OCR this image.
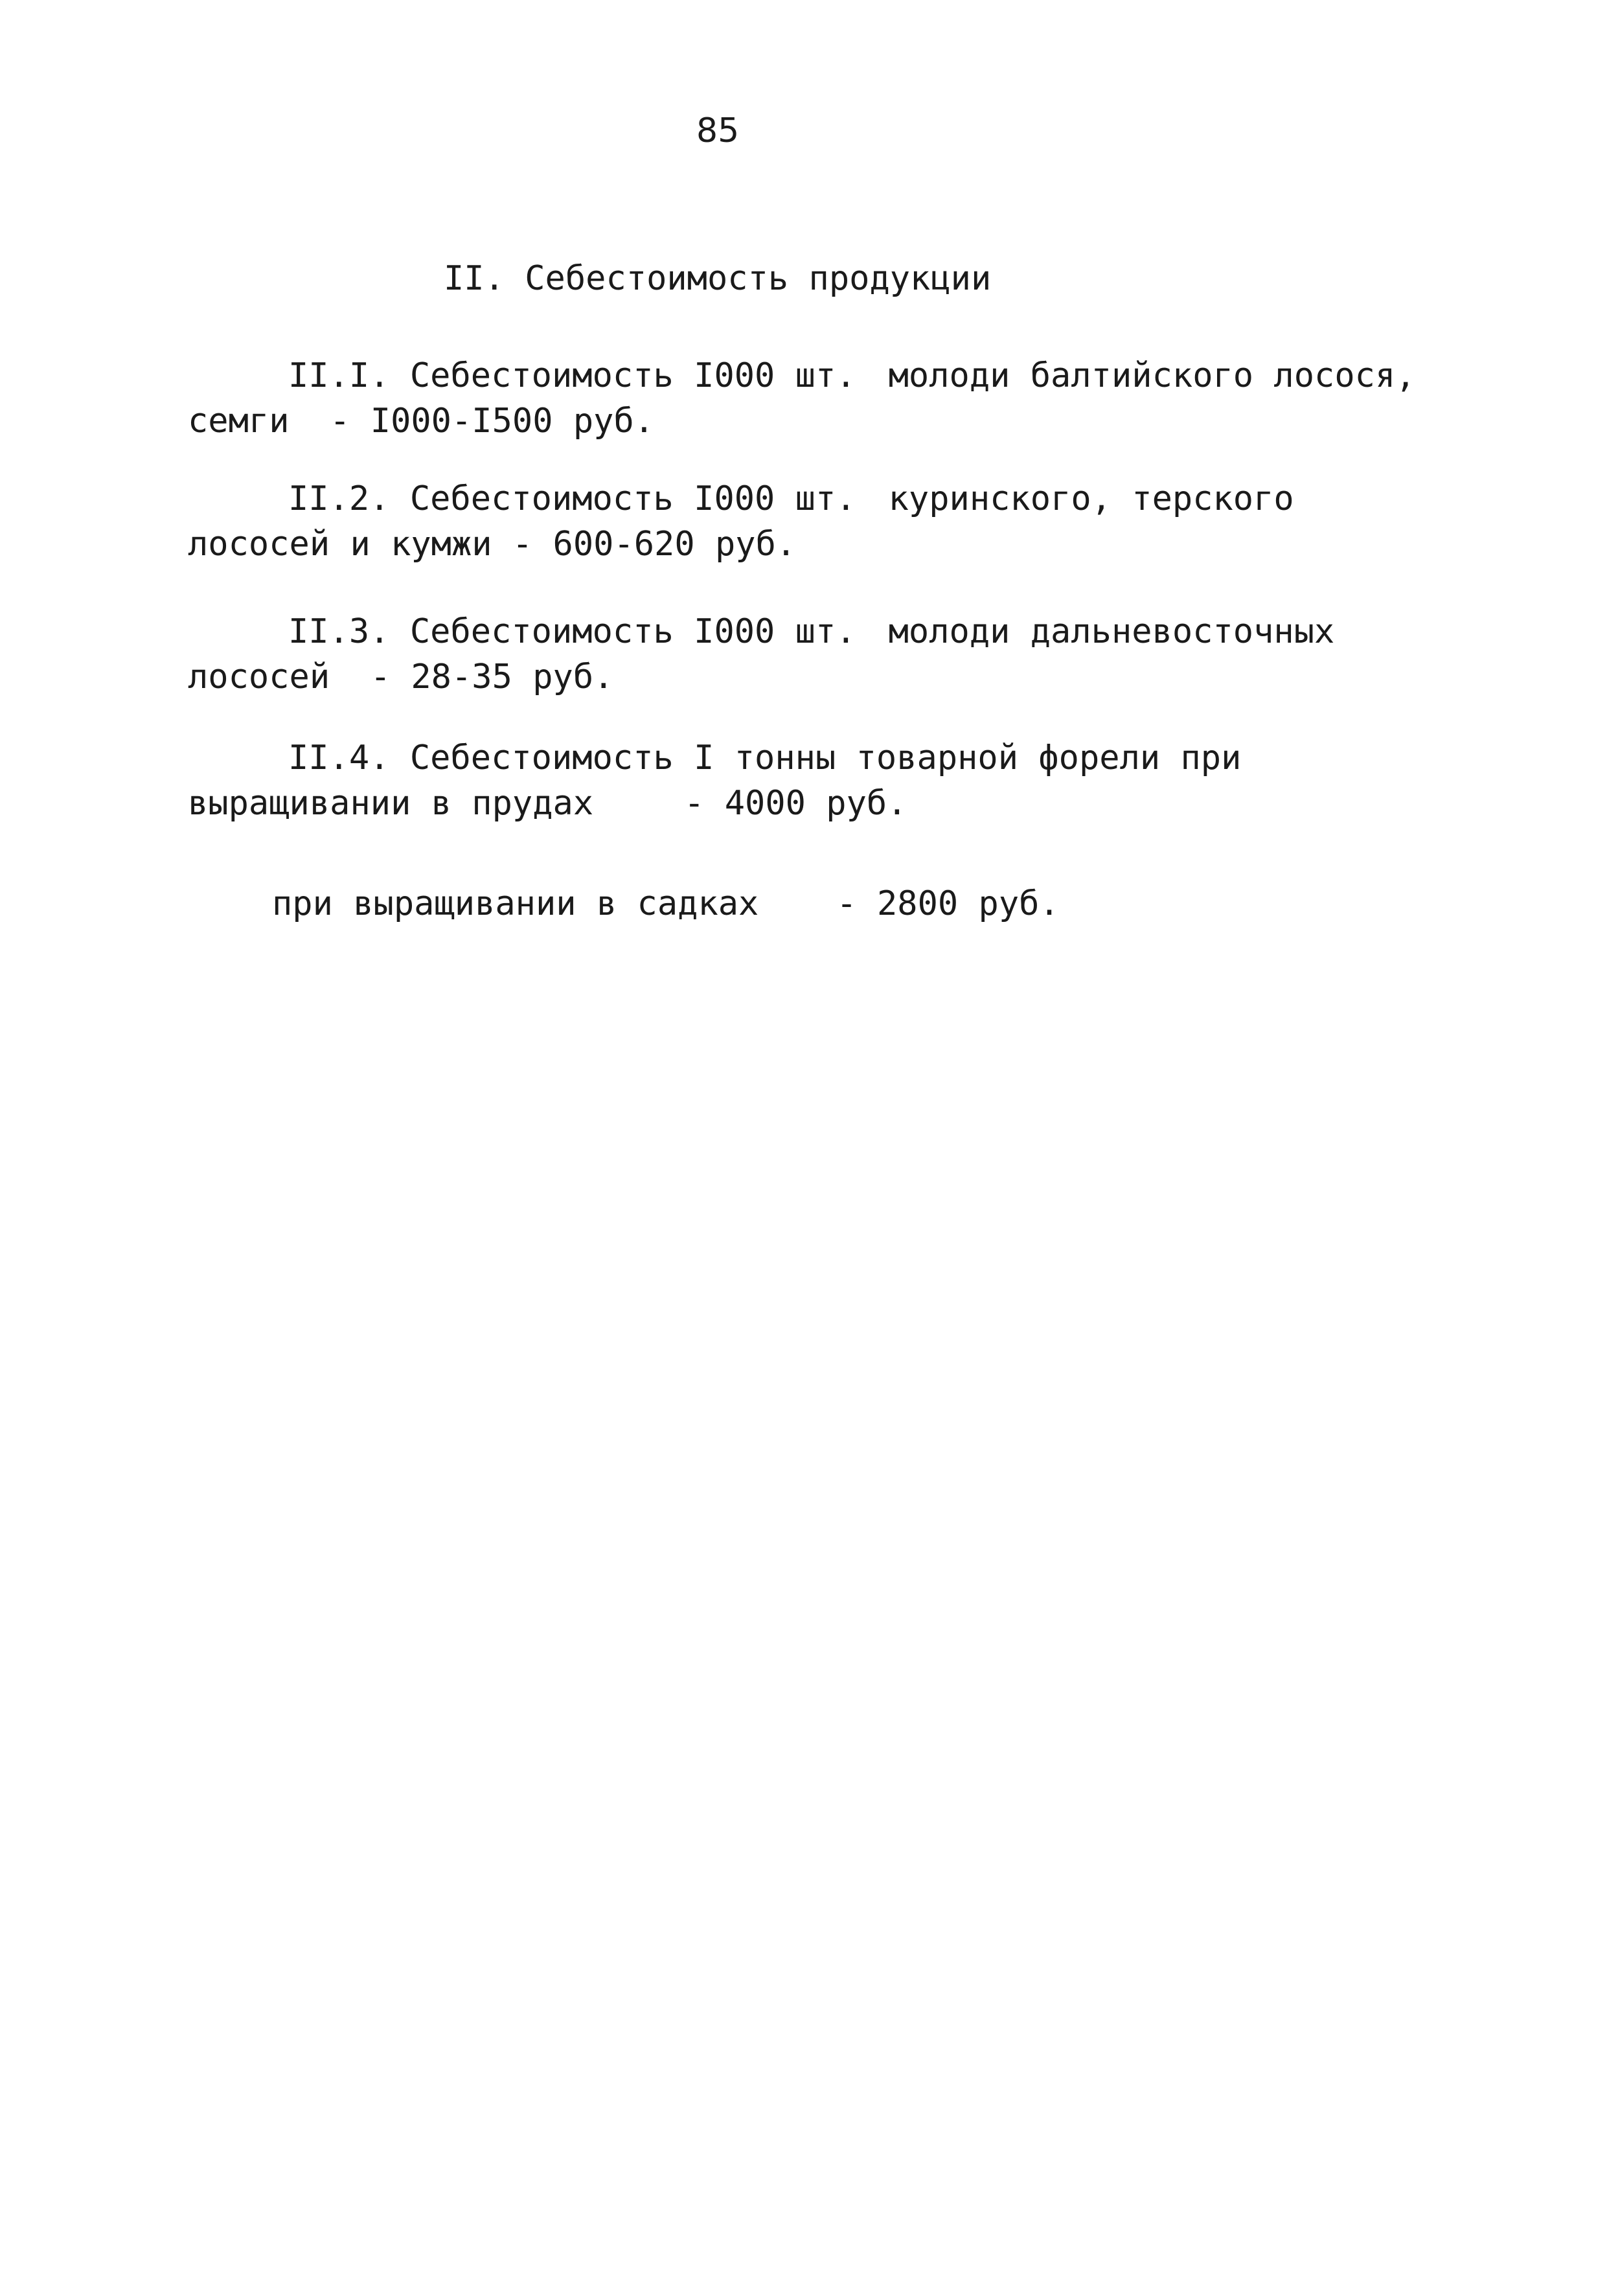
85
II. Себестоимость продукции
II.I. Себестоимость I000 шт. молоди балтийского лосося,
семги  - I000-I500 руб.
II.2. Себестоимость I000 шт. куринского, терского
лососей и кумжи - 600-620 руб.
II.3. Себестоимость I000 шт. молоди дальневосточных
лососей  - 28-35 руб.
II.4. Себестоимость I тонны товарной форели при
выращивании в прудах	- 4000 руб.
при выращивании в садках - 2800 руб.
